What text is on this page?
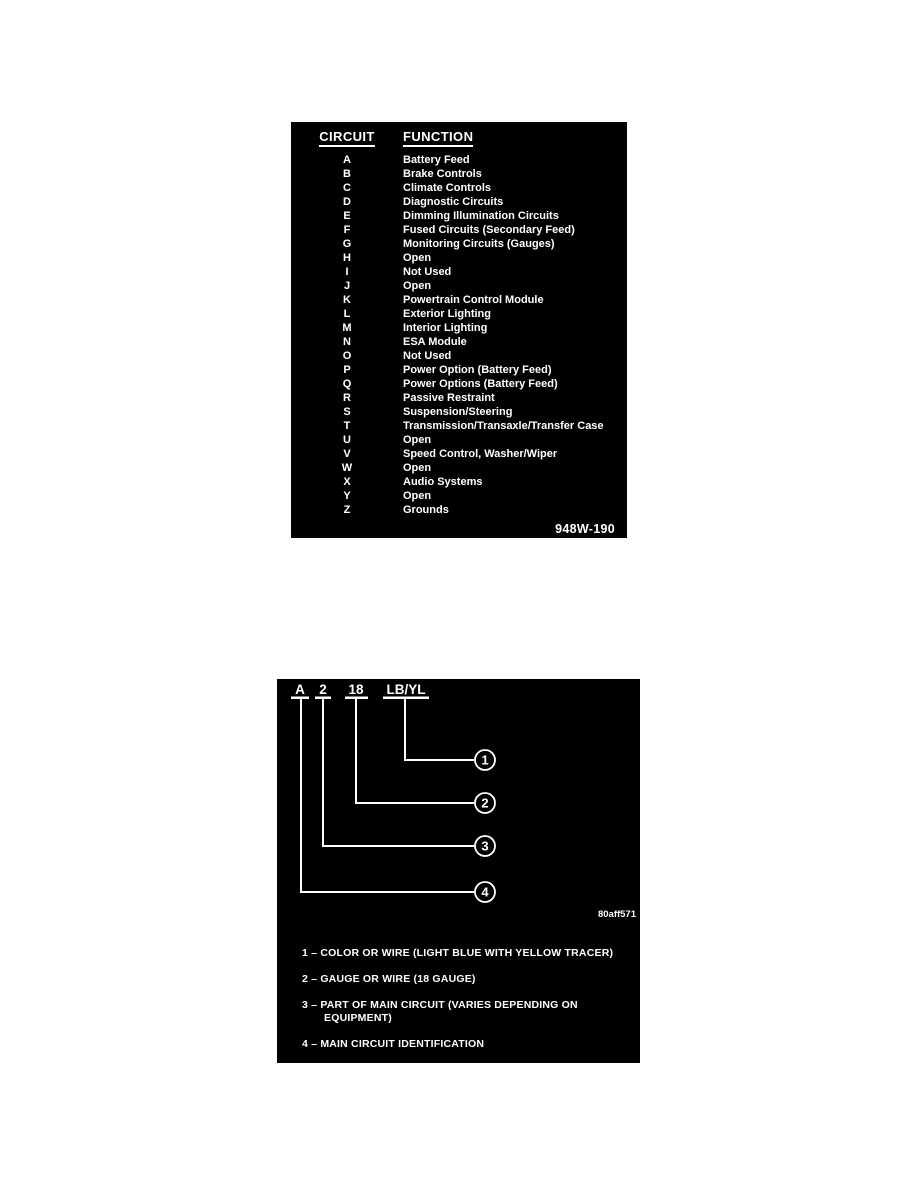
CIRCUIT	FUNCTION
A	Battery Feed
B	Brake Controls
C	Climate Controls
D	Diagnostic Circuits
E	Dimming Illumination Circuits
F	Fused Circuits (Secondary Feed)
G	Monitoring Circuits (Gauges)
H	Open
I	Not Used
J	Open
K	Powertrain Control Module
L	Exterior Lighting
M	Interior Lighting
N	ESA Module
O	Not Used
P	Power Option (Battery Feed)
Q	Power Options (Battery Feed)
R	Passive Restraint
S	Suspension/Steering
T	Transmission/Transaxle/Transfer Case
U	Open
V	Speed Control, Washer/Wiper
W	Open
X	Audio Systems
Y	Open
Z	Grounds
948W-190
A 2 18 LB/YL
1
2
3
4
80aff571
1 – COLOR OR WIRE (LIGHT BLUE WITH YELLOW TRACER)
2 – GAUGE OR WIRE (18 GAUGE)
3 – PART OF MAIN CIRCUIT (VARIES DEPENDING ON EQUIPMENT)
4 – MAIN CIRCUIT IDENTIFICATION
